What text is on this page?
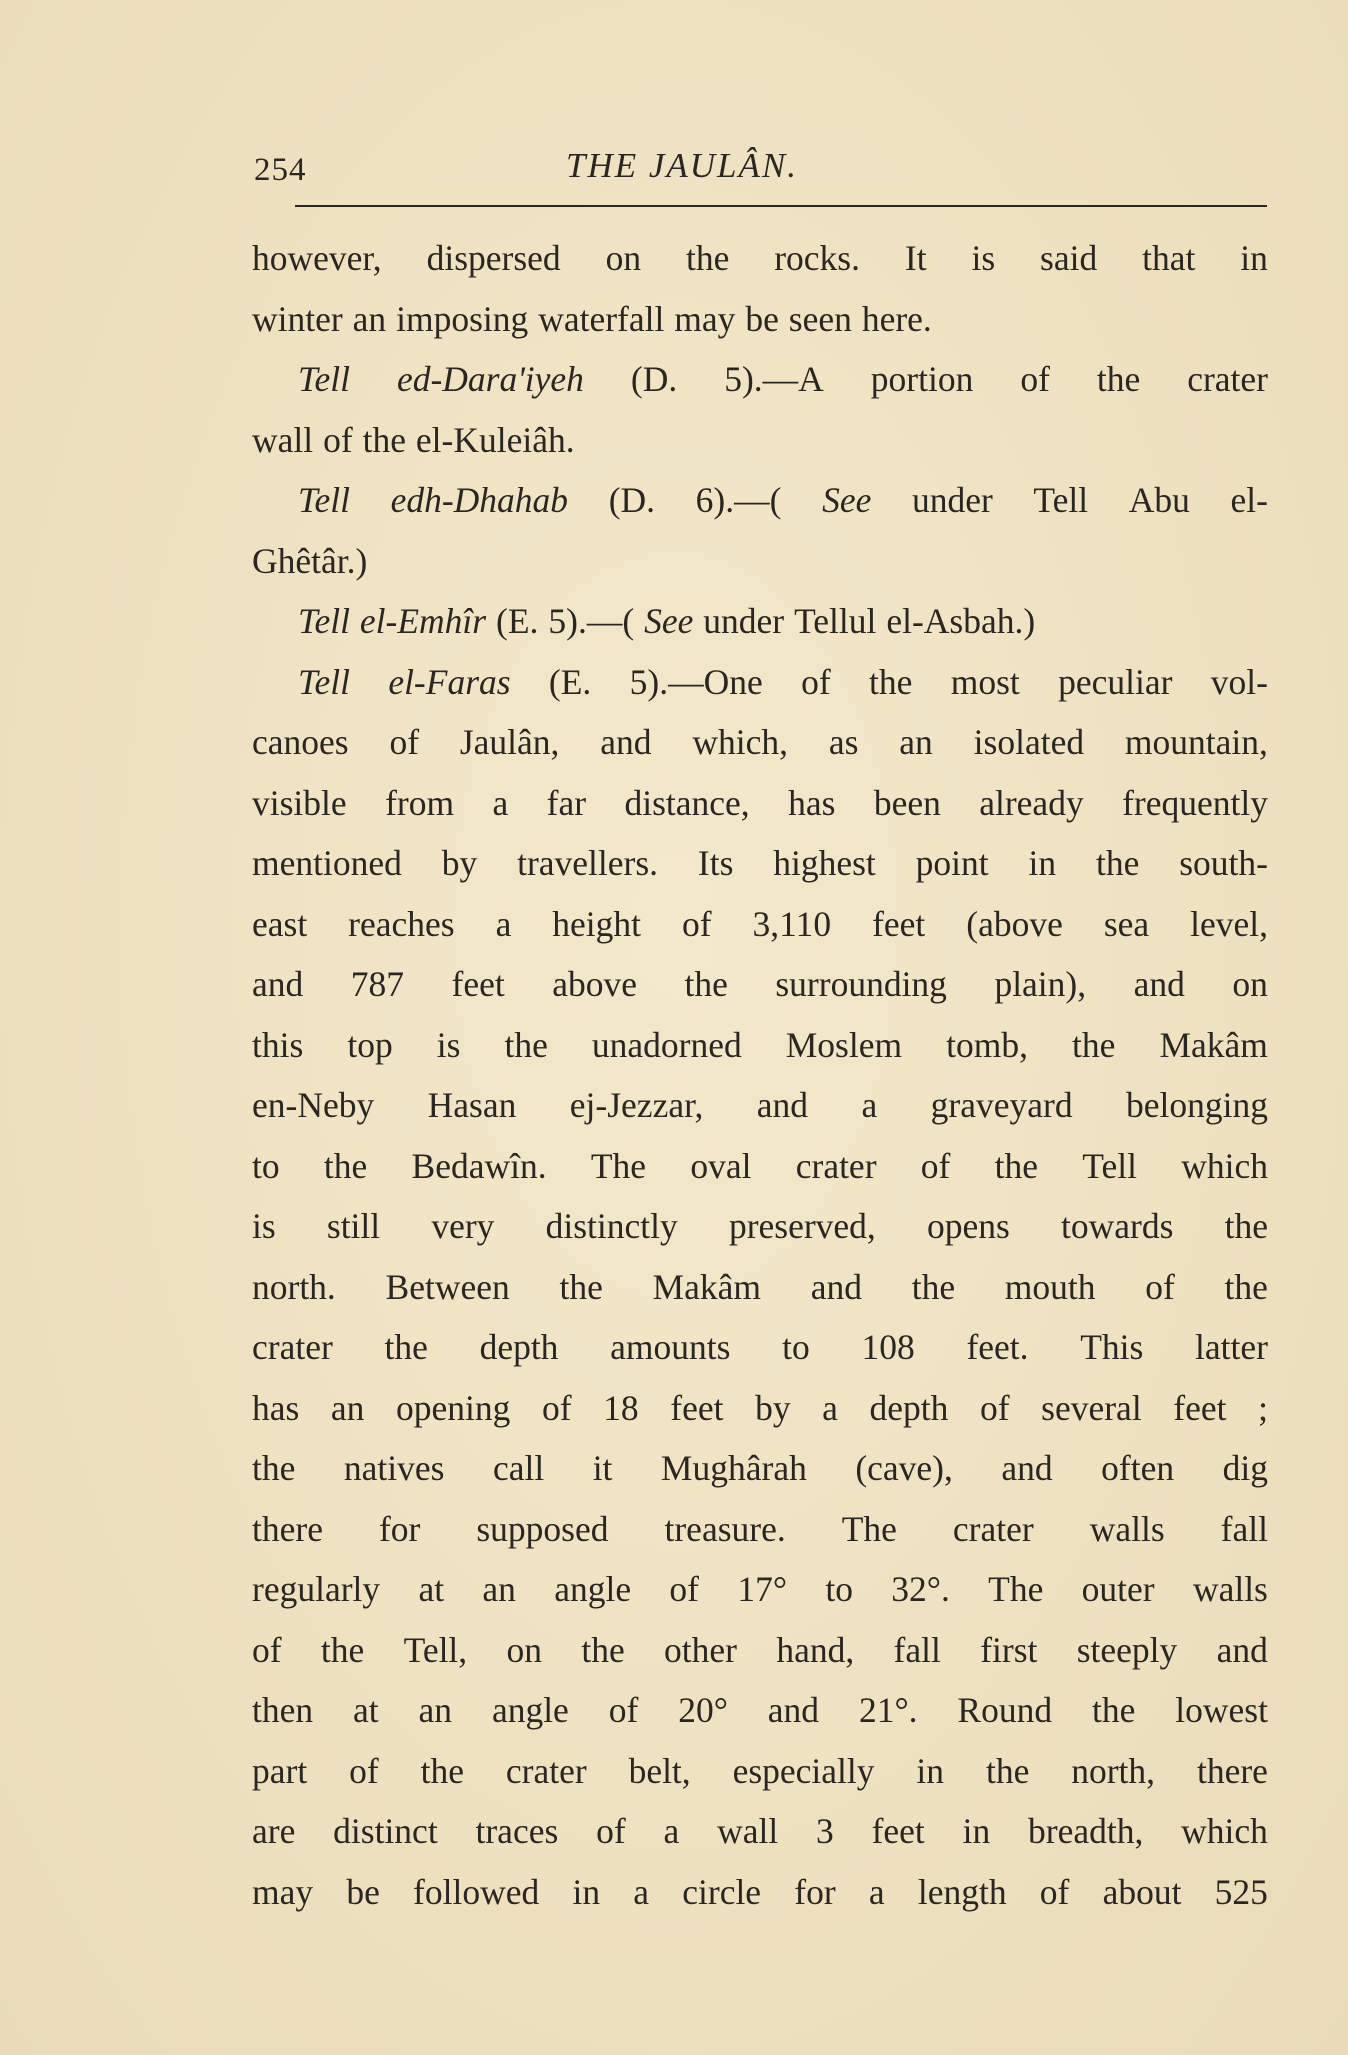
254	THE JAULÂN.
however, dispersed on the rocks. It is said that in
winter an imposing waterfall may be seen here.
Tell ed-Dara'iyeh (D. 5).—A portion of the crater
wall of the el-Kuleiâh.
Tell edh-Dhahab (D. 6).—( See under Tell Abu el-
Ghêtâr.)
Tell el-Emhîr (E. 5).—( See under Tellul el-Asbah.)
Tell el-Faras (E. 5).—One of the most peculiar vol-
canoes of Jaulân, and which, as an isolated mountain,
visible from a far distance, has been already frequently
mentioned by travellers. Its highest point in the south-
east reaches a height of 3,110 feet (above sea level,
and 787 feet above the surrounding plain), and on
this top is the unadorned Moslem tomb, the Makâm
en-Neby Hasan ej-Jezzar, and a graveyard belonging
to the Bedawîn. The oval crater of the Tell which
is still very distinctly preserved, opens towards the
north. Between the Makâm and the mouth of the
crater the depth amounts to 108 feet. This latter
has an opening of 18 feet by a depth of several feet ;
the natives call it Mughârah (cave), and often dig
there for supposed treasure. The crater walls fall
regularly at an angle of 17° to 32°. The outer walls
of the Tell, on the other hand, fall first steeply and
then at an angle of 20° and 21°. Round the lowest
part of the crater belt, especially in the north, there
are distinct traces of a wall 3 feet in breadth, which
may be followed in a circle for a length of about 525
